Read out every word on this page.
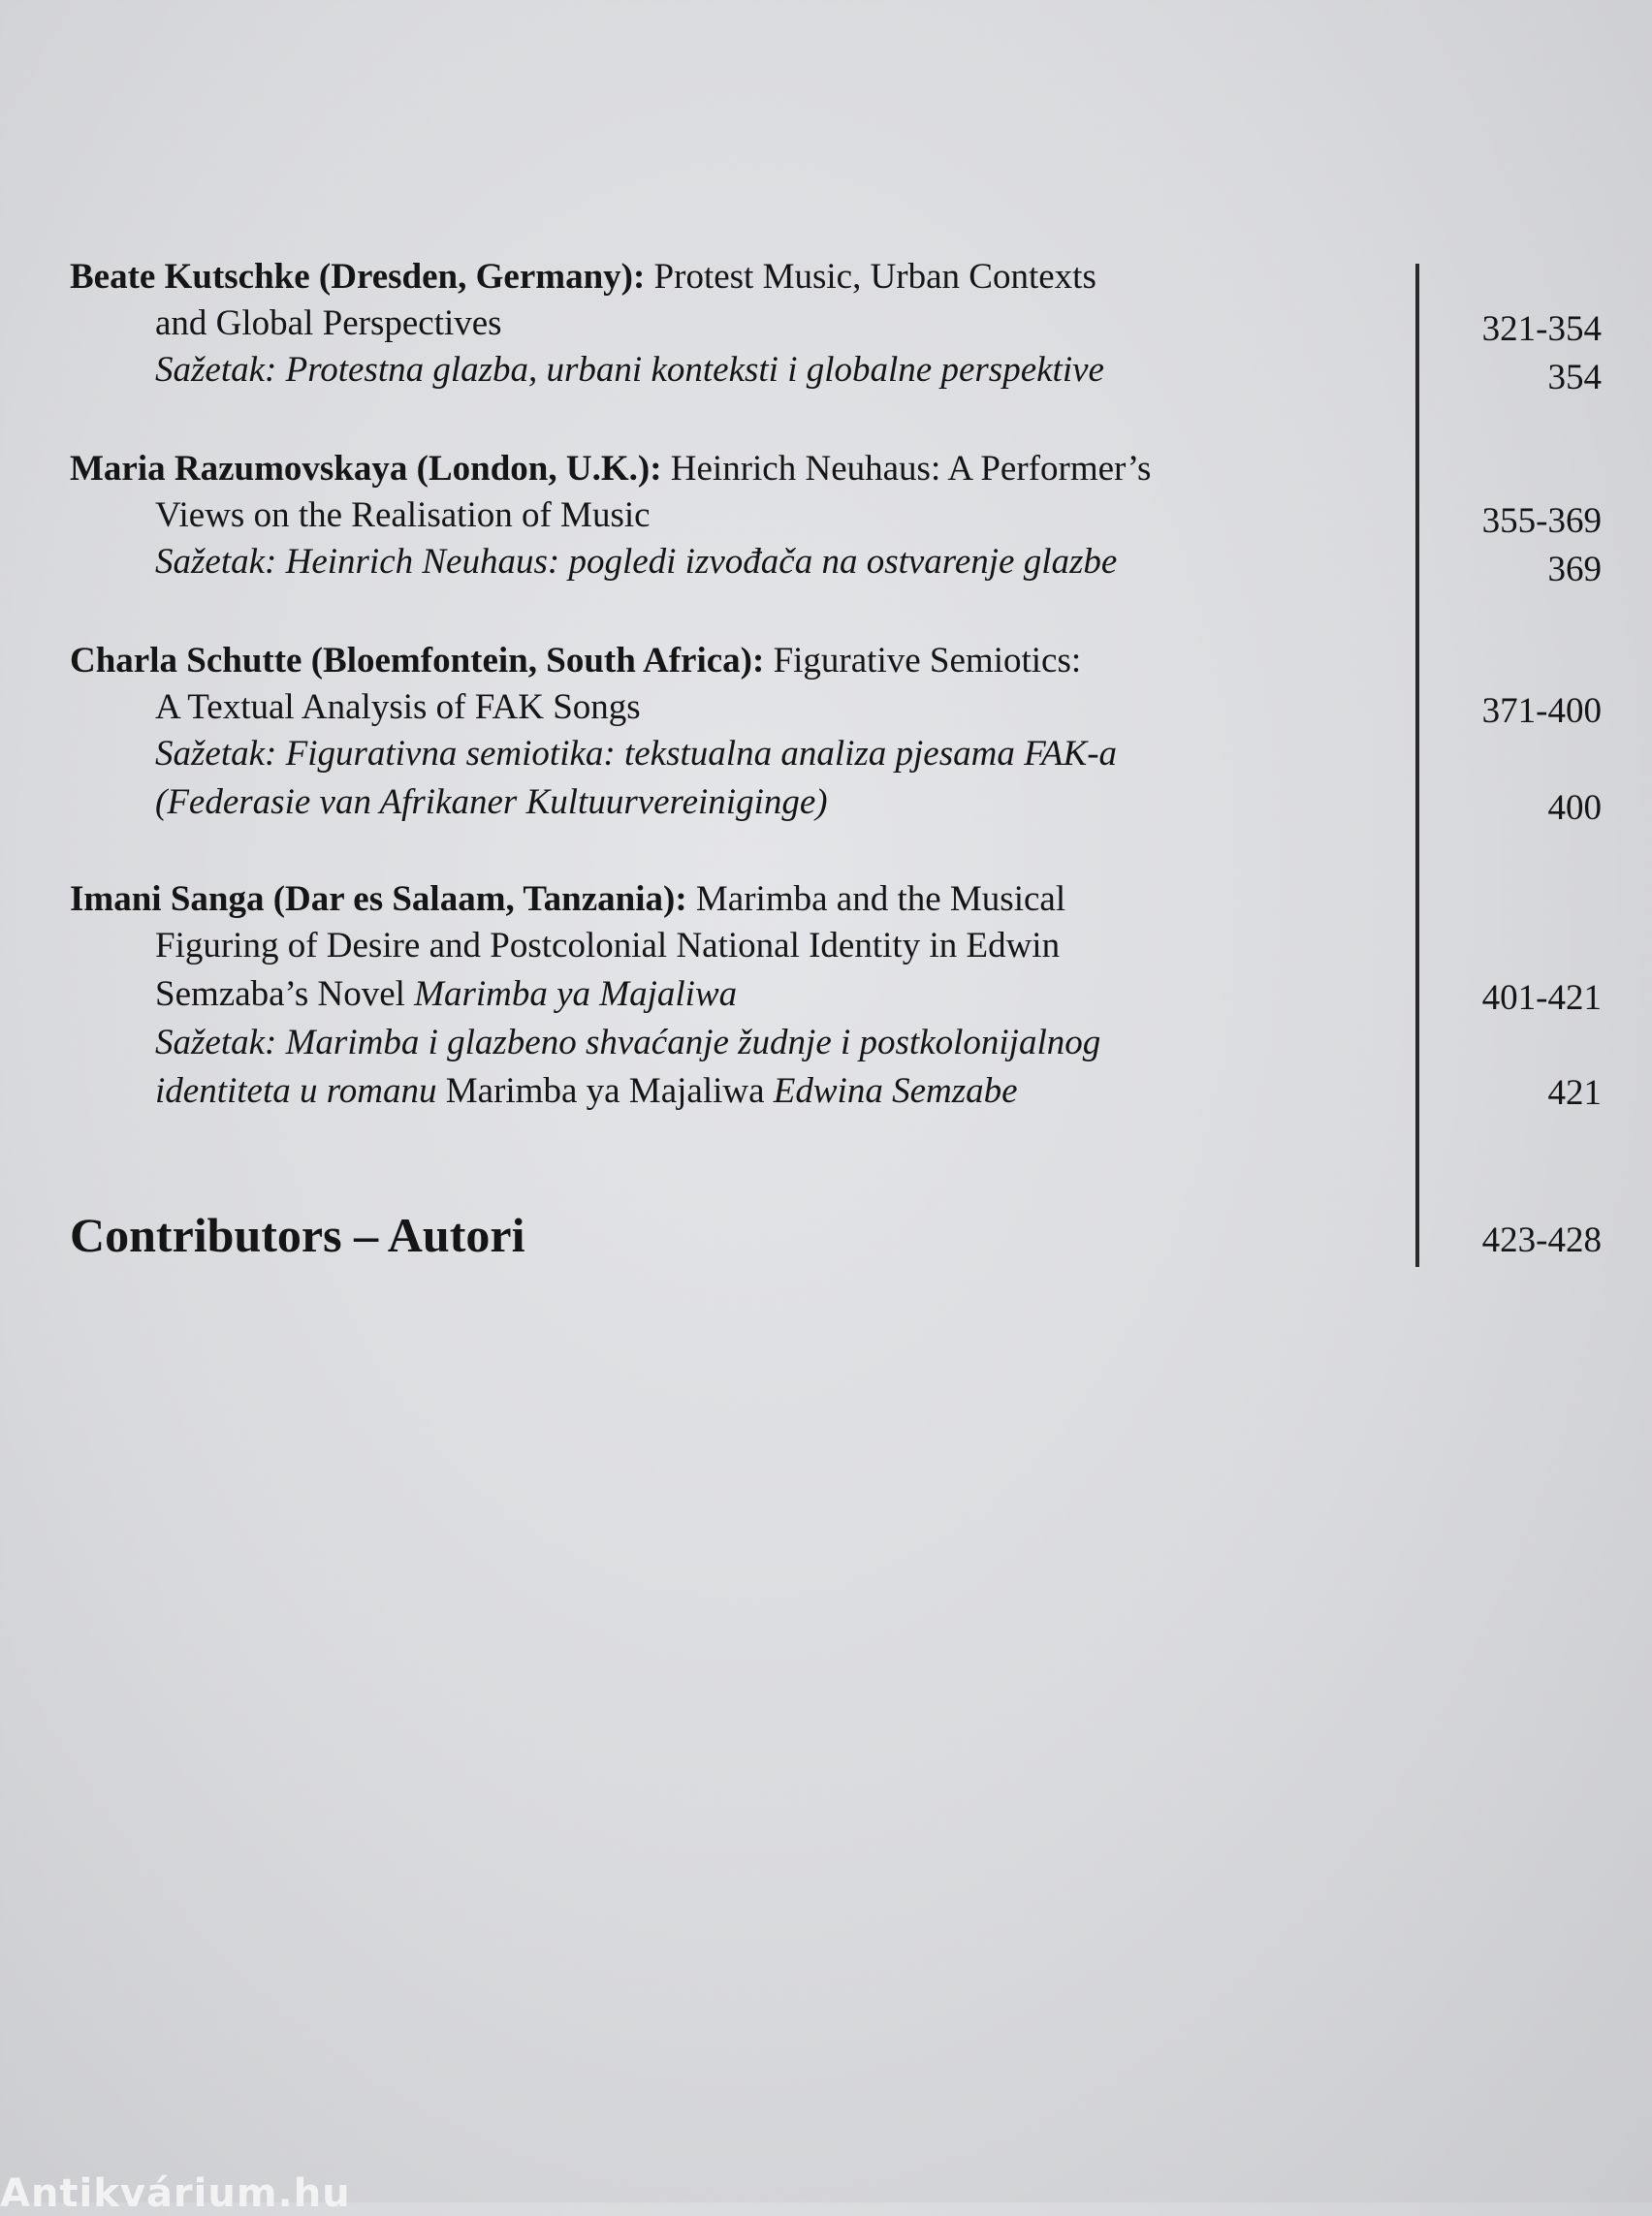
Beate Kutschke (Dresden, Germany): Protest Music, Urban Contexts
and Global Perspectives
Sažetak: Protestna glazba, urbani konteksti i globalne perspektive
321-354
354
Maria Razumovskaya (London, U.K.): Heinrich Neuhaus: A Performer’s
Views on the Realisation of Music
Sažetak: Heinrich Neuhaus: pogledi izvođača na ostvarenje glazbe
355-369
369
Charla Schutte (Bloemfontein, South Africa): Figurative Semiotics:
A Textual Analysis of FAK Songs
Sažetak: Figurativna semiotika: tekstualna analiza pjesama FAK-a
(Federasie van Afrikaner Kultuurvereiniginge)
371-400
400
Imani Sanga (Dar es Salaam, Tanzania): Marimba and the Musical
Figuring of Desire and Postcolonial National Identity in Edwin
Semzaba’s Novel Marimba ya Majaliwa
Sažetak: Marimba i glazbeno shvaćanje žudnje i postkolonijalnog
identiteta u romanu Marimba ya Majaliwa Edwina Semzabe
401-421
421
Contributors – Autori	423-428
Antikvárium.hu
